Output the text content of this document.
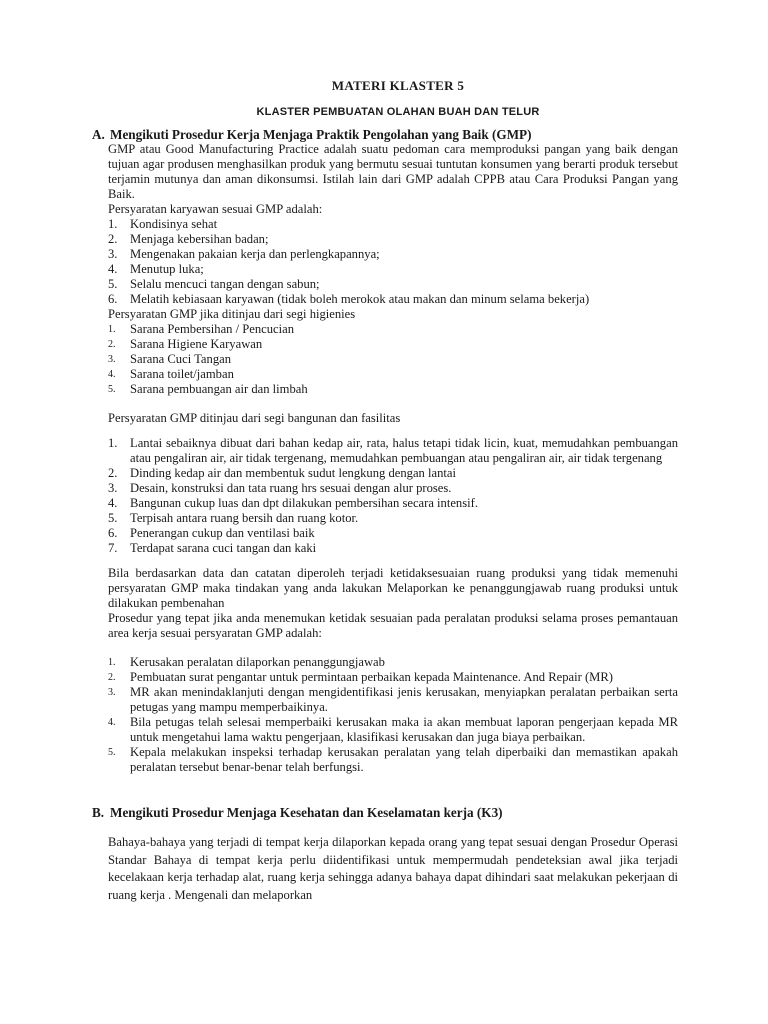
MATERI KLASTER 5
KLASTER PEMBUATAN OLAHAN BUAH DAN TELUR
A. Mengikuti Prosedur Kerja Menjaga Praktik Pengolahan yang Baik (GMP)

GMP atau Good Manufacturing Practice adalah suatu pedoman cara memproduksi pangan yang baik dengan tujuan agar produsen menghasilkan produk yang bermutu sesuai tuntutan konsumen yang berarti produk tersebut terjamin mutunya dan aman dikonsumsi. Istilah lain dari GMP adalah CPPB atau Cara Produksi Pangan yang Baik.

Persyaratan karyawan sesuai GMP adalah:

1. Kondisinya sehat
2. Menjaga kebersihan badan;
3. Mengenakan pakaian kerja dan perlengkapannya;
4. Menutup luka;
5. Selalu mencuci tangan dengan sabun;
6. Melatih kebiasaan karyawan (tidak boleh merokok atau makan dan minum selama bekerja)

Persyaratan GMP jika ditinjau dari segi higienies

1.	Sarana Pembersihan / Pencucian
2.	Sarana Higiene Karyawan
3.	Sarana Cuci Tangan
4.	Sarana toilet/jamban
5.	Sarana pembuangan air dan limbah

Persyaratan GMP ditinjau dari segi bangunan dan fasilitas

1. Lantai sebaiknya dibuat dari bahan kedap air, rata, halus tetapi tidak licin, kuat, memudahkan pembuangan atau pengaliran air, air tidak tergenang, memudahkan pembuangan atau pengaliran air, air tidak tergenang
2. Dinding kedap air dan membentuk sudut lengkung dengan lantai
3. Desain, konstruksi dan tata ruang hrs sesuai dengan alur proses.
4. Bangunan cukup luas dan dpt dilakukan pembersihan secara intensif.
5. Terpisah antara ruang bersih dan ruang kotor.
6. Penerangan cukup dan ventilasi baik
7. Terdapat sarana cuci tangan dan kaki

Bila berdasarkan data dan catatan diperoleh terjadi ketidaksesuaian ruang produksi yang tidak memenuhi persyaratan GMP maka tindakan yang anda lakukan Melaporkan ke penanggungjawab ruang produksi untuk dilakukan pembenahan

Prosedur yang tepat jika anda menemukan ketidak sesuaian pada peralatan produksi selama proses pemantauan area kerja sesuai persyaratan GMP adalah:

1.	Kerusakan peralatan dilaporkan penanggungjawab
2.	Pembuatan surat pengantar untuk permintaan perbaikan kepada Maintenance. And Repair (MR)
3.	MR akan menindaklanjuti dengan mengidentifikasi jenis kerusakan, menyiapkan peralatan perbaikan serta petugas yang mampu memperbaikinya.
4.	Bila petugas telah selesai memperbaiki kerusakan maka ia akan membuat laporan pengerjaan kepada MR untuk mengetahui lama waktu pengerjaan, klasifikasi kerusakan dan juga biaya perbaikan.
5.	Kepala melakukan inspeksi terhadap kerusakan peralatan yang telah diperbaiki dan memastikan apakah peralatan tersebut benar-benar telah berfungsi.
B. Mengikuti Prosedur Menjaga Kesehatan dan Keselamatan kerja (K3)

Bahaya-bahaya yang terjadi di tempat kerja dilaporkan kepada orang yang tepat sesuai dengan Prosedur Operasi Standar Bahaya di tempat kerja perlu diidentifikasi untuk mempermudah pendeteksian awal jika terjadi kecelakaan kerja terhadap alat, ruang kerja sehingga adanya bahaya dapat dihindari saat melakukan pekerjaan di ruang kerja . Mengenali dan melaporkan
